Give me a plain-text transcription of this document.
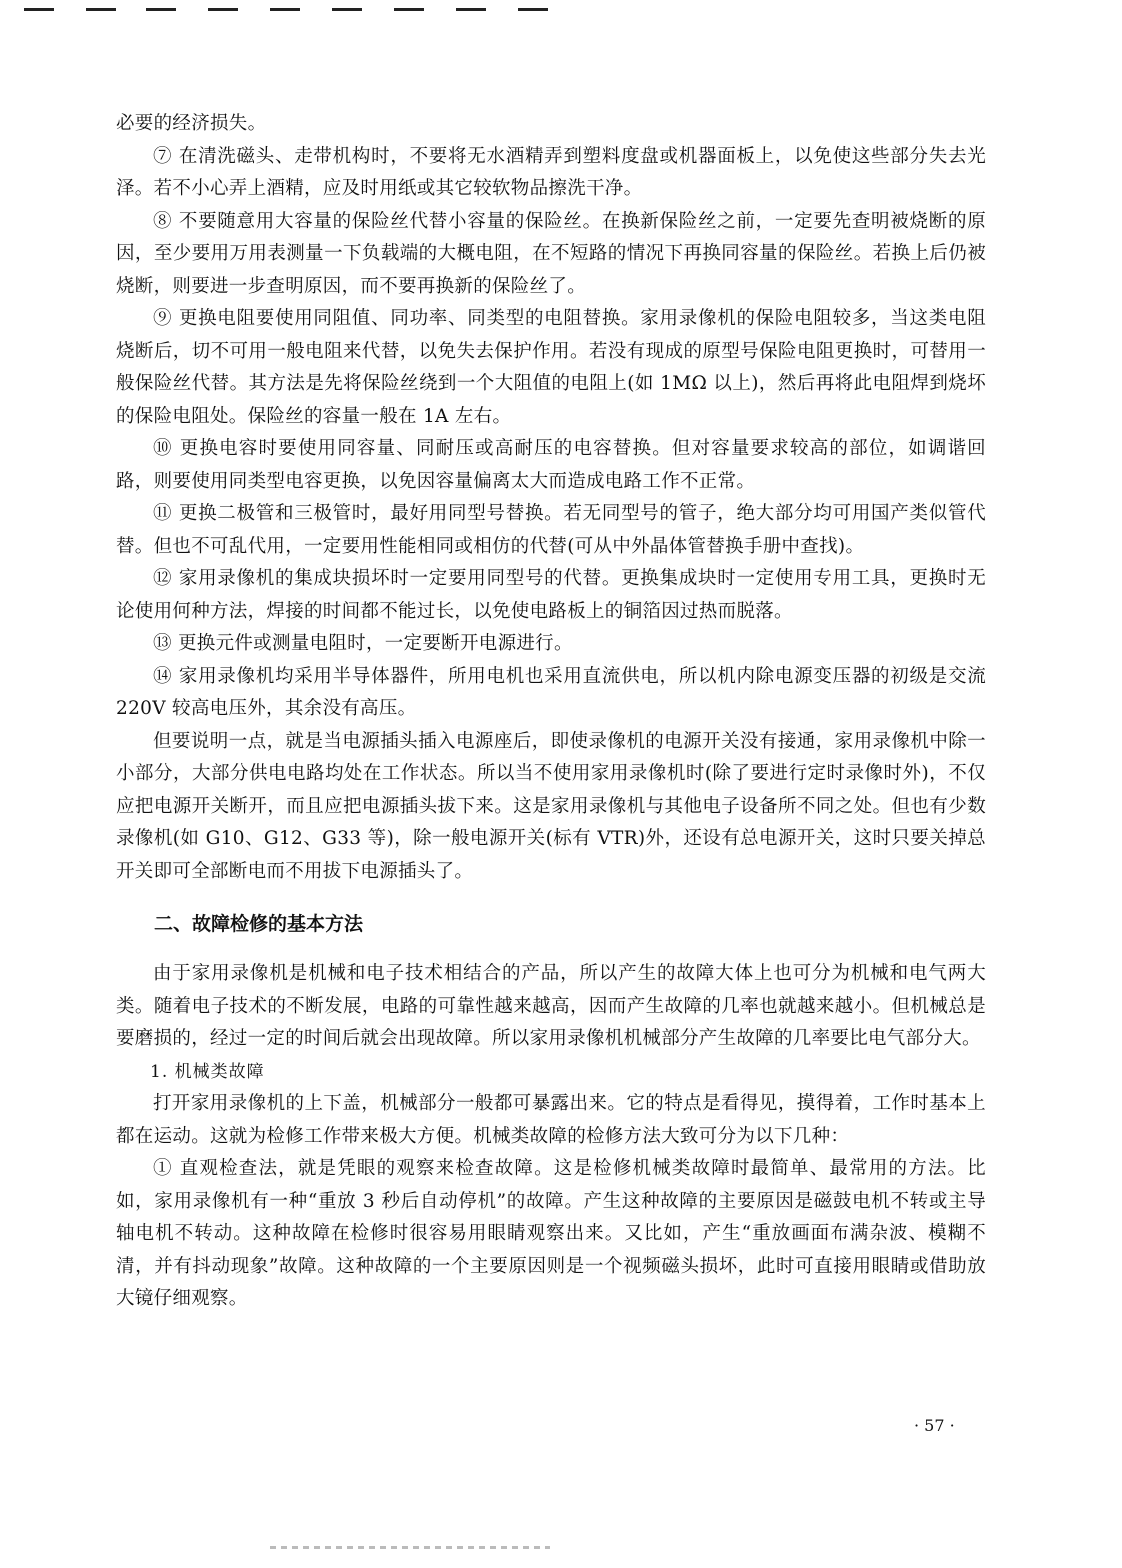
必要的经济损失。

⑦ 在清洗磁头、走带机构时，不要将无水酒精弄到塑料度盘或机器面板上，以免使这些部分失去光泽。若不小心弄上酒精，应及时用纸或其它较软物品擦洗干净。

⑧ 不要随意用大容量的保险丝代替小容量的保险丝。在换新保险丝之前，一定要先查明被烧断的原因，至少要用万用表测量一下负载端的大概电阻，在不短路的情况下再换同容量的保险丝。若换上后仍被烧断，则要进一步查明原因，而不要再换新的保险丝了。

⑨ 更换电阻要使用同阻值、同功率、同类型的电阻替换。家用录像机的保险电阻较多，当这类电阻烧断后，切不可用一般电阻来代替，以免失去保护作用。若没有现成的原型号保险电阻更换时，可替用一般保险丝代替。其方法是先将保险丝绕到一个大阻值的电阻上(如 1MΩ 以上)，然后再将此电阻焊到烧坏的保险电阻处。保险丝的容量一般在 1A 左右。

⑩ 更换电容时要使用同容量、同耐压或高耐压的电容替换。但对容量要求较高的部位，如调谐回路，则要使用同类型电容更换，以免因容量偏离太大而造成电路工作不正常。

⑪ 更换二极管和三极管时，最好用同型号替换。若无同型号的管子，绝大部分均可用国产类似管代替。但也不可乱代用，一定要用性能相同或相仿的代替(可从中外晶体管替换手册中查找)。

⑫ 家用录像机的集成块损坏时一定要用同型号的代替。更换集成块时一定使用专用工具，更换时无论使用何种方法，焊接的时间都不能过长，以免使电路板上的铜箔因过热而脱落。

⑬ 更换元件或测量电阻时，一定要断开电源进行。

⑭ 家用录像机均采用半导体器件，所用电机也采用直流供电，所以机内除电源变压器的初级是交流 220V 较高电压外，其余没有高压。

但要说明一点，就是当电源插头插入电源座后，即使录像机的电源开关没有接通，家用录像机中除一小部分，大部分供电电路均处在工作状态。所以当不使用家用录像机时(除了要进行定时录像时外)，不仅应把电源开关断开，而且应把电源插头拔下来。这是家用录像机与其他电子设备所不同之处。但也有少数录像机(如 G10、G12、G33 等)，除一般电源开关(标有 VTR)外，还设有总电源开关，这时只要关掉总开关即可全部断电而不用拔下电源插头了。

二、故障检修的基本方法

由于家用录像机是机械和电子技术相结合的产品，所以产生的故障大体上也可分为机械和电气两大类。随着电子技术的不断发展，电路的可靠性越来越高，因而产生故障的几率也就越来越小。但机械总是要磨损的，经过一定的时间后就会出现故障。所以家用录像机机械部分产生故障的几率要比电气部分大。

1. 机械类故障

打开家用录像机的上下盖，机械部分一般都可暴露出来。它的特点是看得见，摸得着，工作时基本上都在运动。这就为检修工作带来极大方便。机械类故障的检修方法大致可分为以下几种：

① 直观检查法，就是凭眼的观察来检查故障。这是检修机械类故障时最简单、最常用的方法。比如，家用录像机有一种“重放 3 秒后自动停机”的故障。产生这种故障的主要原因是磁鼓电机不转或主导轴电机不转动。这种故障在检修时很容易用眼睛观察出来。又比如，产生“重放画面布满杂波、模糊不清，并有抖动现象”故障。这种故障的一个主要原因则是一个视频磁头损坏，此时可直接用眼睛或借助放大镜仔细观察。

· 57 ·
